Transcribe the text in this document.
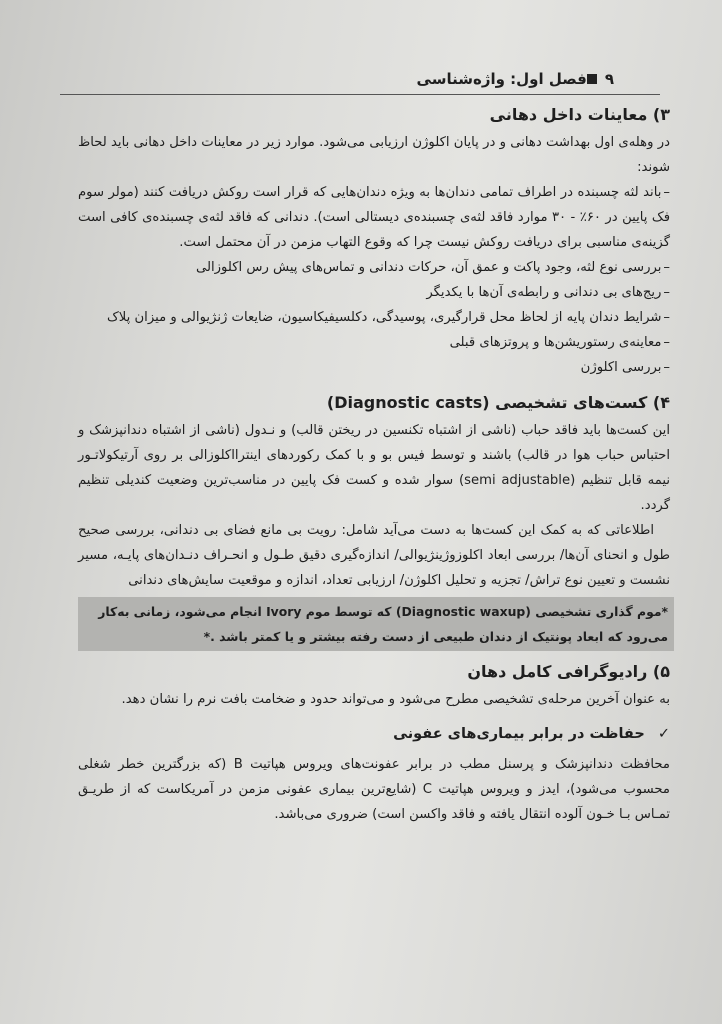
فصل اول: واژه‌شناسی ۹
۳) معاینات داخل دهانی

در وهله‌ی اول بهداشت دهانی و در پایان اکلوژن ارزیابی می‌شود. موارد زیر در معاینات داخل دهانی باید لحاظ شوند:

– باند لثه چسبنده در اطراف تمامی دندان‌ها به ویژه دندان‌هایی که قرار است روکش دریافت کنند (مولر سوم فک پایین در ۶۰٪ - ۳۰ موارد فاقد لثه‌ی چسبنده‌ی دیستالی است). دندانی که فاقد لثه‌ی چسبنده‌ی کافی است گزینه‌ی مناسبی برای دریافت روکش نیست چرا که وقوع التهاب مزمن در آن محتمل است.
– بررسی نوع لثه، وجود پاکت و عمق آن، حرکات دندانی و تماس‌های پیش رس اکلوزالی
– ریج‌های بی دندانی و رابطه‌ی آن‌ها با یکدیگر
– شرایط دندان پایه از لحاظ محل قرارگیری، پوسیدگی، دکلسیفیکاسیون، ضایعات ژنژیوالی و میزان پلاک
– معاینه‌ی رستوریشن‌ها و پروتزهای قبلی
– بررسی اکلوژن
۴) کست‌های تشخیصی (Diagnostic casts)

این کست‌ها باید فاقد حباب (ناشی از اشتباه تکنسین در ریختن قالب) و نـدول (ناشی از اشتباه دندانپزشک و احتباس حباب هوا در قالب) باشند و توسط فیس بو و با کمک رکوردهای اینترااکلوزالی بر روی آرتیکولاتـور نیمه قابل تنظیم (semi adjustable) سوار شده و کست فک پایین در مناسب‌ترین وضعیت کندیلی تنظیم گردد.

اطلاعاتی که به کمک این کست‌ها به دست می‌آید شامل: رویت بی مانع فضای بی دندانی، بررسی صحیح طول و انحنای آن‌ها/ بررسی ابعاد اکلوزوژینژیوالی/ اندازه‌گیری دقیق طـول و انحـراف دنـدان‌های پایـه، مسیر نشست و تعیین نوع تراش/ تجزیه و تحلیل اکلوژن/ ارزیابی تعداد، اندازه و موقعیت سایش‌های دندانی

*موم گذاری تشخیصی (Diagnostic waxup) که توسط موم Ivory انجام می‌شود، زمانی به‌کار می‌رود که ابعاد پونتیک از دندان طبیعی از دست رفته بیشتر و یا کمتر باشد .*
۵) رادیوگرافی کامل دهان

به عنوان آخرین مرحله‌ی تشخیصی مطرح می‌شود و می‌تواند حدود و ضخامت بافت نرم را نشان دهد.

✓ حفاظت در برابر بیماری‌های عفونی

محافظت دندانپزشک و پرسنل مطب در برابر عفونت‌های ویروس هپاتیت B (که بزرگترین خطر شغلی محسوب می‌شود)، ایدز و ویروس هپاتیت C (شایع‌ترین بیماری عفونی مزمن در آمریکاست که از طریـق تمـاس بـا خـون آلوده انتقال یافته و فاقد واکسن است) ضروری می‌باشد.
